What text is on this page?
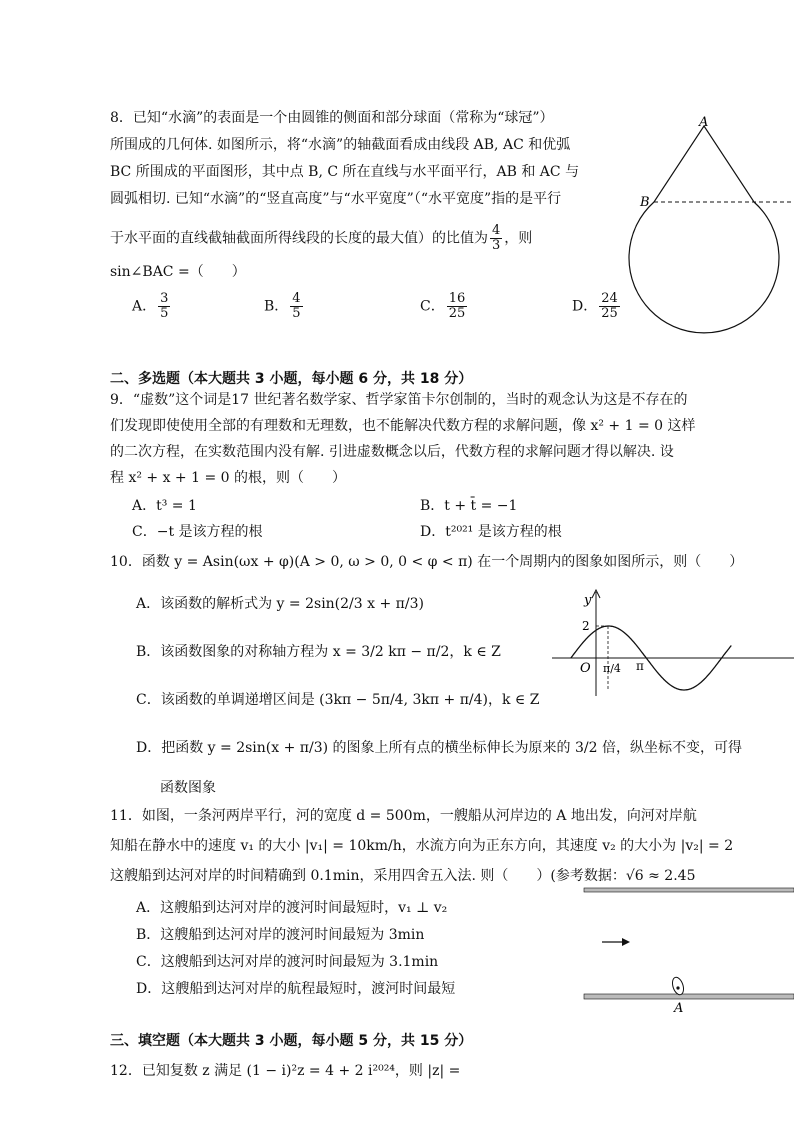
8．已知“水滴”的表面是一个由圆锥的侧面和部分球面（常称为“球冠”）
所围成的几何体. 如图所示，将“水滴”的轴截面看成由线段 AB, AC 和优弧
BC 所围成的平面图形，其中点 B, C 所在直线与水平面平行，AB 和 AC 与
圆弧相切. 已知“水滴”的“竖直高度”与“水平宽度”（“水平宽度”指的是平行
于水平面的直线截轴截面所得线段的长度的最大值）的比值为 $\frac{4}{3}$ ，则
sin∠BAC =（　　）
A． $\frac{3}{5}$	B． $\frac{4}{5}$	C． $\frac{16}{25}$	D． $\frac{24}{25}$
A
B
二、多选题（本大题共 3 小题，每小题 6 分，共 18 分）
9．“虚数”这个词是17 世纪著名数学家、哲学家笛卡尔创制的，当时的观念认为这是不存在的
们发现即使使用全部的有理数和无理数，也不能解决代数方程的求解问题，像 x² + 1 = 0 这样
的二次方程，在实数范围内没有解. 引进虚数概念以后，代数方程的求解问题才得以解决. 设
程 x² + x + 1 = 0 的根，则（　　）
A．t³ = 1	B．t + t̄ = −1
C．−t 是该方程的根	D．t²⁰²¹ 是该方程的根
10．函数 y = Asin(ωx + φ)(A > 0, ω > 0, 0 < φ < π) 在一个周期内的图象如图所示，则（　　）
A．该函数的解析式为 y = 2sin(2/3 x + π/3)
B．该函数图象的对称轴方程为 x = 3/2 kπ − π/2，k ∈ Z
C．该函数的单调递增区间是 (3kπ − 5π/4, 3kπ + π/4)，k ∈ Z
D．把函数 y = 2sin(x + π/3) 的图象上所有点的横坐标伸长为原来的 3/2 倍，纵坐标不变，可得
函数图象
y
2
O π/4 π
11．如图，一条河两岸平行，河的宽度 d = 500m，一艘船从河岸边的 A 地出发，向河对岸航
知船在静水中的速度 v₁ 的大小 |v₁| = 10km/h，水流方向为正东方向，其速度 v₂ 的大小为 |v₂| = 2
这艘船到达河对岸的时间精确到 0.1min，采用四舍五入法. 则（　　）(参考数据：√6 ≈ 2.45
A．这艘船到达河对岸的渡河时间最短时，v₁ ⊥ v₂
B．这艘船到达河对岸的渡河时间最短为 3min
C．这艘船到达河对岸的渡河时间最短为 3.1min
D．这艘船到达河对岸的航程最短时，渡河时间最短
A
三、填空题（本大题共 3 小题，每小题 5 分，共 15 分）
12．已知复数 z 满足 (1 − i)²z = 4 + 2 i²⁰²⁴，则 |z| =
